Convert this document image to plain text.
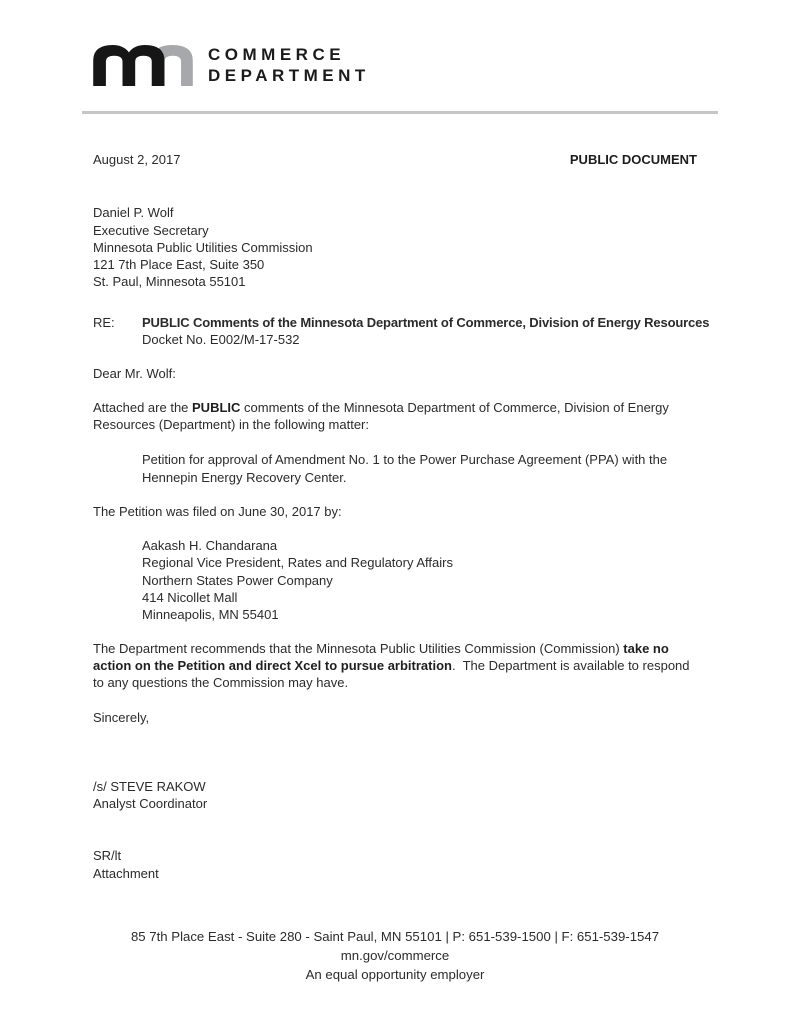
COMMERCE
DEPARTMENT
August 2, 2017	PUBLIC DOCUMENT
Daniel P. Wolf
Executive Secretary
Minnesota Public Utilities Commission
121 7th Place East, Suite 350
St. Paul, Minnesota 55101
RE:	PUBLIC Comments of the Minnesota Department of Commerce, Division of Energy Resources
Docket No. E002/M-17-532
Dear Mr. Wolf:

Attached are the PUBLIC comments of the Minnesota Department of Commerce, Division of Energy Resources (Department) in the following matter:

Petition for approval of Amendment No. 1 to the Power Purchase Agreement (PPA) with the Hennepin Energy Recovery Center.

The Petition was filed on June 30, 2017 by:

Aakash H. Chandarana
Regional Vice President, Rates and Regulatory Affairs
Northern States Power Company
414 Nicollet Mall
Minneapolis, MN 55401

The Department recommends that the Minnesota Public Utilities Commission (Commission) take no action on the Petition and direct Xcel to pursue arbitration.  The Department is available to respond to any questions the Commission may have.

Sincerely,
/s/ STEVE RAKOW
Analyst Coordinator
SR/lt
Attachment
85 7th Place East - Suite 280 - Saint Paul, MN 55101 | P: 651-539-1500 | F: 651-539-1547
mn.gov/commerce
An equal opportunity employer
